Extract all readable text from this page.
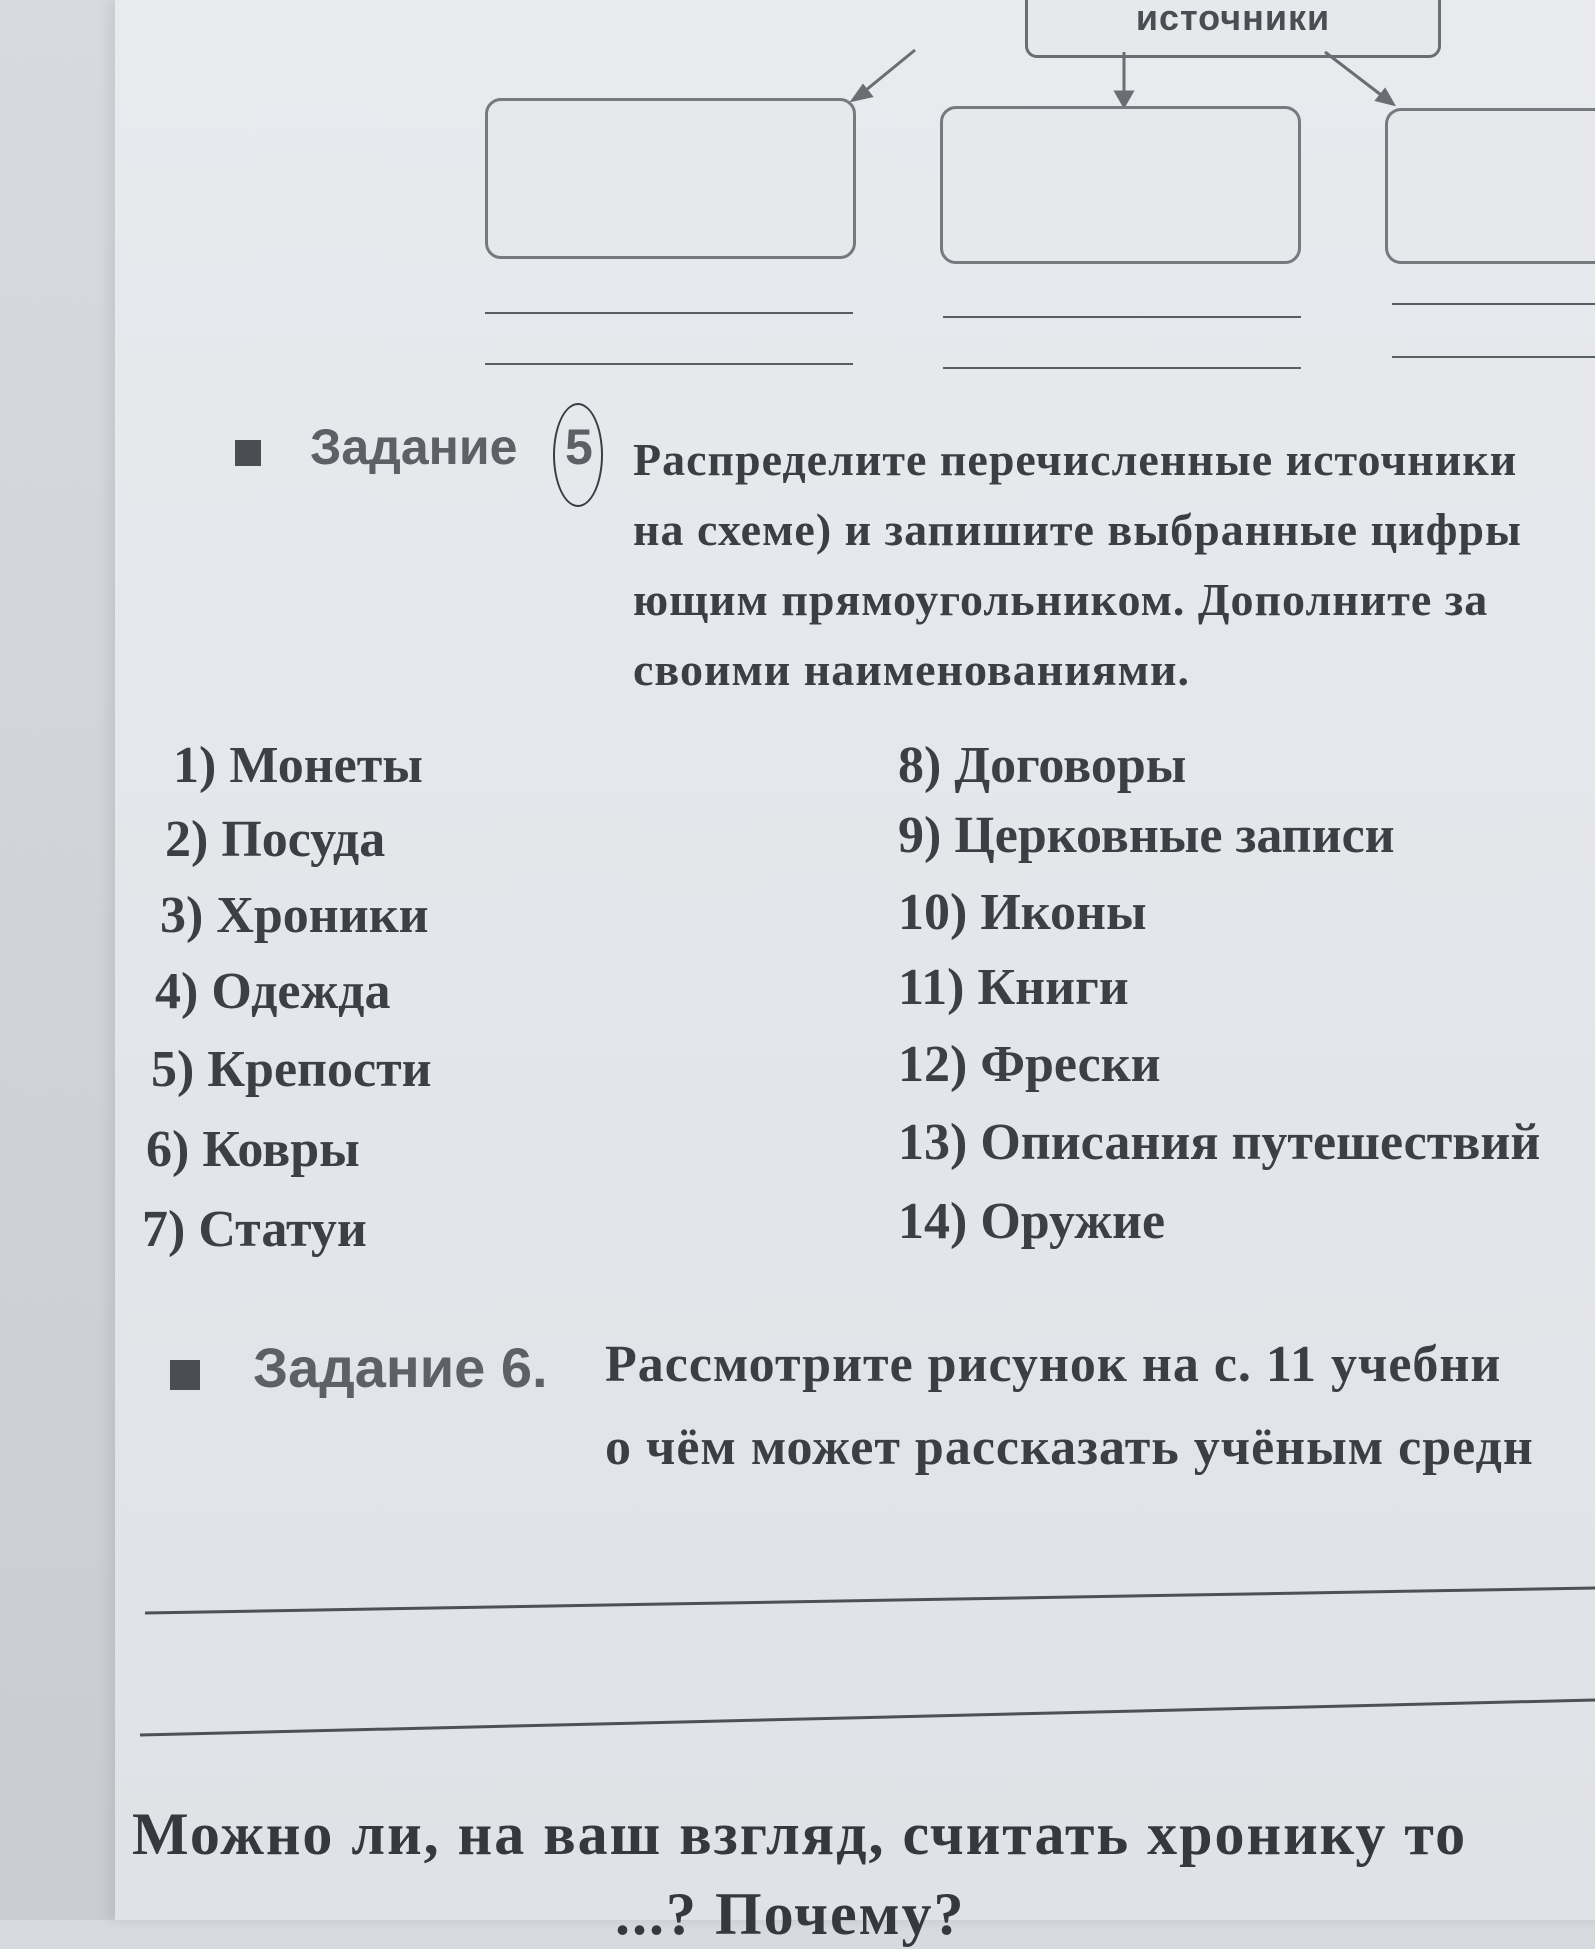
источники
Задание 5 Распределите перечисленные источники
на схеме) и запишите выбранные цифры
ющим прямоугольником. Дополните за
своими наименованиями.
1) Монеты
2) Посуда
3) Хроники
4) Одежда
5) Крепости
6) Ковры
7) Статуи
8) Договоры
9) Церковные записи
10) Иконы
11) Книги
12) Фрески
13) Описания путешествий
14) Оружие
Задание 6. Рассмотрите рисунок на с. 11 учебни
о чём может рассказать учёным средн
Можно ли, на ваш взгляд, считать хронику то
...? Почему?
